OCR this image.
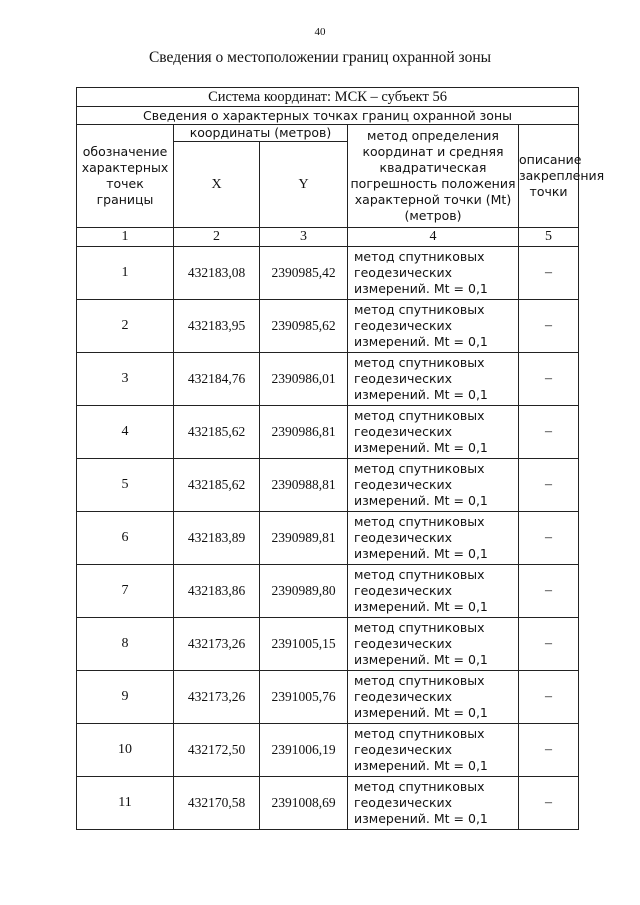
40
Сведения о местоположении границ охранной зоны
Система координат: МСК – субъект 56				
Сведения о характерных точках границ охранной зоны				
обозначение характерных точек границы	координаты (метров)		метод определения координат и средняя квадратическая погрешность положения характерной точки (Mt) (метров)	описание закрепления точки
	X	Y		
1	2	3	4	5
1	432183,08	2390985,42	метод спутниковых геодезических измерений. Mt = 0,1	–
2	432183,95	2390985,62	метод спутниковых геодезических измерений. Mt = 0,1	–
3	432184,76	2390986,01	метод спутниковых геодезических измерений. Mt = 0,1	–
4	432185,62	2390986,81	метод спутниковых геодезических измерений. Mt = 0,1	–
5	432185,62	2390988,81	метод спутниковых геодезических измерений. Mt = 0,1	–
6	432183,89	2390989,81	метод спутниковых геодезических измерений. Mt = 0,1	–
7	432183,86	2390989,80	метод спутниковых геодезических измерений. Mt = 0,1	–
8	432173,26	2391005,15	метод спутниковых геодезических измерений. Mt = 0,1	–
9	432173,26	2391005,76	метод спутниковых геодезических измерений. Mt = 0,1	–
10	432172,50	2391006,19	метод спутниковых геодезических измерений. Mt = 0,1	–
11	432170,58	2391008,69	метод спутниковых геодезических измерений. Mt = 0,1	–
